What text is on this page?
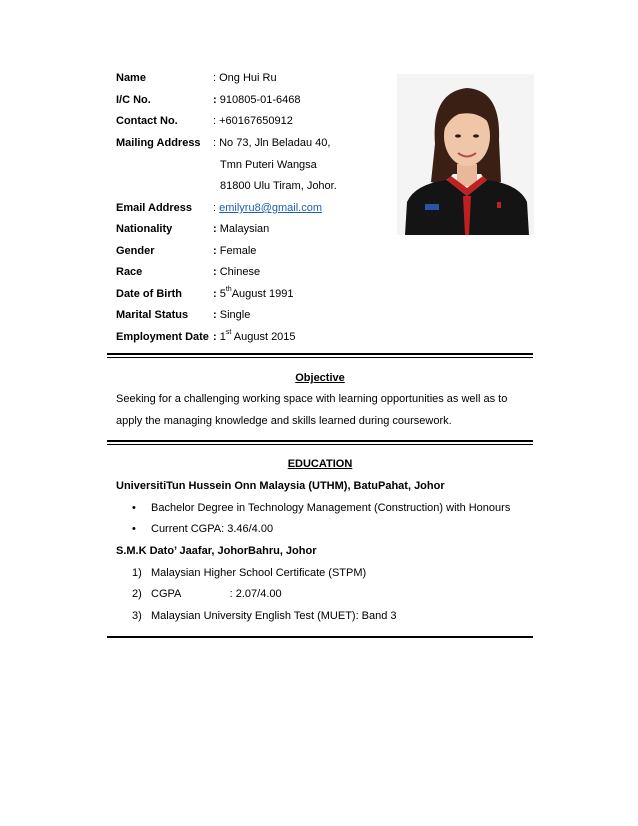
Name	: Ong Hui Ru
I/C No.	: 910805-01-6468
Contact No.	: +60167650912
Mailing Address : No 73, Jln Beladau 40,
Tmn Puteri Wangsa
81800 Ulu Tiram, Johor.
Email Address : emilyru8@gmail.com
Nationality	: Malaysian
Gender	: Female
Race	: Chinese
Date of Birth	: 5thAugust 1991
Marital Status : Single
Employment Date : 1st August 2015
Objective
Seeking for a challenging working space with learning opportunities as well as to
apply the managing knowledge and skills learned during coursework.
EDUCATION
UniversitiTun Hussein Onn Malaysia (UTHM), BatuPahat, Johor
• Bachelor Degree in Technology Management (Construction) with Honours
• Current CGPA: 3.46/4.00
S.M.K Dato’ Jaafar, JohorBahru, Johor
1) Malaysian Higher School Certificate (STPM)
2) CGPA                : 2.07/4.00
3) Malaysian University English Test (MUET): Band 3
